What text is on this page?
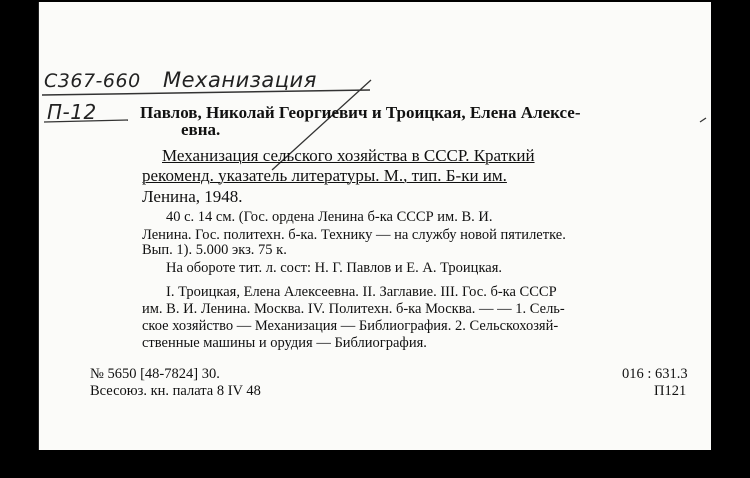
С367-660 Механизация
П-12	Павлов, Николай Георгиевич и Троицкая, Елена Алексе-
евна.
Механизация сельского хозяйства в СССР. Краткий
рекоменд. указатель литературы. М., тип. Б-ки им.
Ленина, 1948.
40 с. 14 см. (Гос. ордена Ленина б-ка СССР им. В. И.
Ленина. Гос. политехн. б-ка. Технику — на службу новой пятилетке.
Вып. 1). 5.000 экз. 75 к.
На обороте тит. л. сост: Н. Г. Павлов и Е. А. Троицкая.
I. Троицкая, Елена Алексеевна. II. Заглавие. III. Гос. б-ка СССР
им. В. И. Ленина. Москва. IV. Политехн. б-ка Москва. — — 1. Сель-
ское хозяйство — Механизация — Библиография. 2. Сельскохозяй-
ственные машины и орудия — Библиография.
№ 5650 [48-7824] 30.
Всесоюз. кн. палата 8 IV 48
016 : 631.3
П121
